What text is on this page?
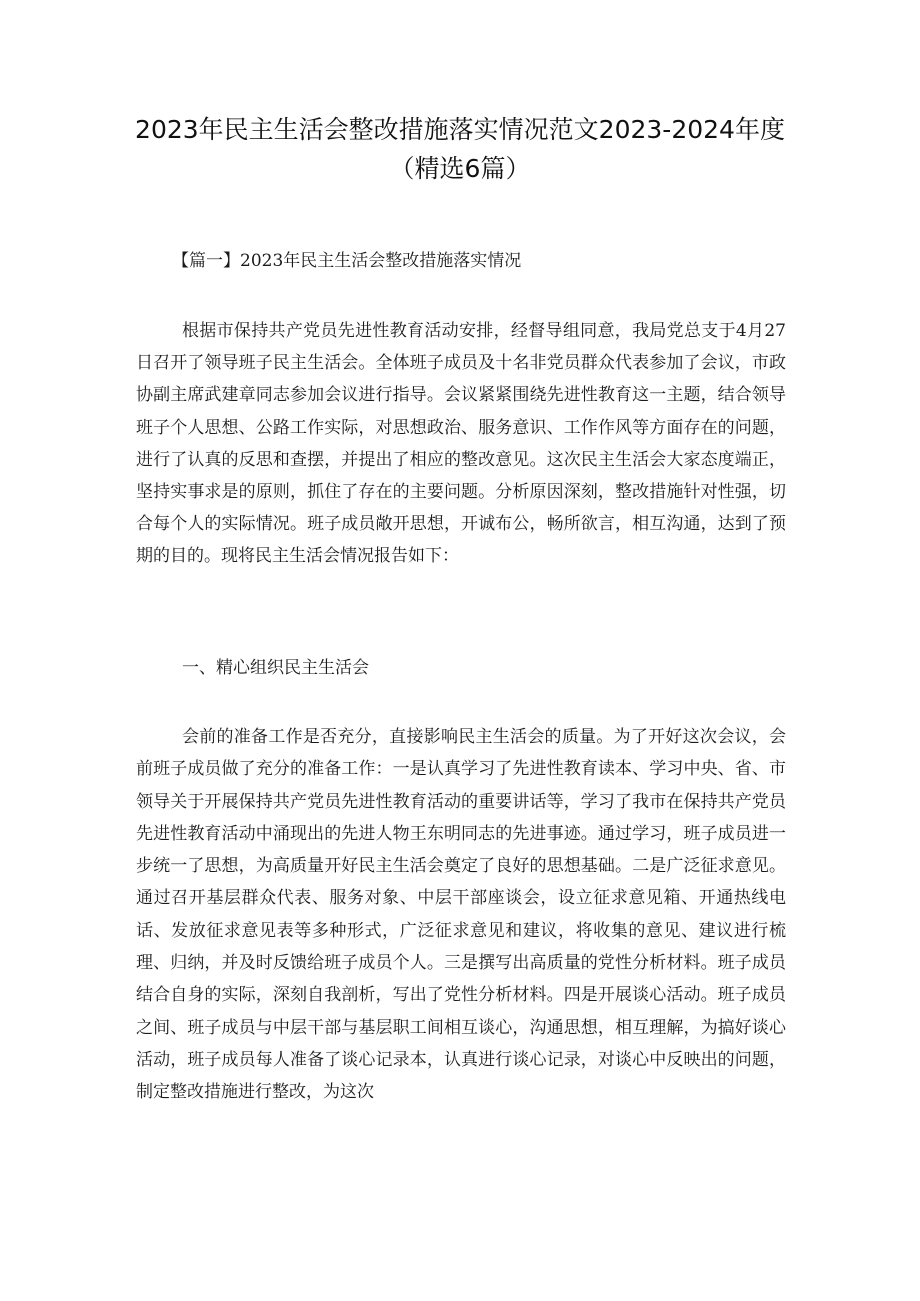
2023年民主生活会整改措施落实情况范文2023-2024年度（精选6篇）
【篇一】2023年民主生活会整改措施落实情况

根据市保持共产党员先进性教育活动安排，经督导组同意，我局党总支于4月27日召开了领导班子民主生活会。全体班子成员及十名非党员群众代表参加了会议，市政协副主席武建章同志参加会议进行指导。会议紧紧围绕先进性教育这一主题，结合领导班子个人思想、公路工作实际，对思想政治、服务意识、工作作风等方面存在的问题，进行了认真的反思和查摆，并提出了相应的整改意见。这次民主生活会大家态度端正，坚持实事求是的原则，抓住了存在的主要问题。分析原因深刻，整改措施针对性强，切合每个人的实际情况。班子成员敞开思想，开诚布公，畅所欲言，相互沟通，达到了预期的目的。现将民主生活会情况报告如下：

一、精心组织民主生活会

会前的准备工作是否充分，直接影响民主生活会的质量。为了开好这次会议，会前班子成员做了充分的准备工作：一是认真学习了先进性教育读本、学习中央、省、市领导关于开展保持共产党员先进性教育活动的重要讲话等，学习了我市在保持共产党员先进性教育活动中涌现出的先进人物王东明同志的先进事迹。通过学习，班子成员进一步统一了思想，为高质量开好民主生活会奠定了良好的思想基础。二是广泛征求意见。通过召开基层群众代表、服务对象、中层干部座谈会，设立征求意见箱、开通热线电话、发放征求意见表等多种形式，广泛征求意见和建议，将收集的意见、建议进行梳理、归纳，并及时反馈给班子成员个人。三是撰写出高质量的党性分析材料。班子成员结合自身的实际，深刻自我剖析，写出了党性分析材料。四是开展谈心活动。班子成员之间、班子成员与中层干部与基层职工间相互谈心，沟通思想，相互理解，为搞好谈心活动，班子成员每人准备了谈心记录本，认真进行谈心记录，对谈心中反映出的问题，制定整改措施进行整改，为这次
